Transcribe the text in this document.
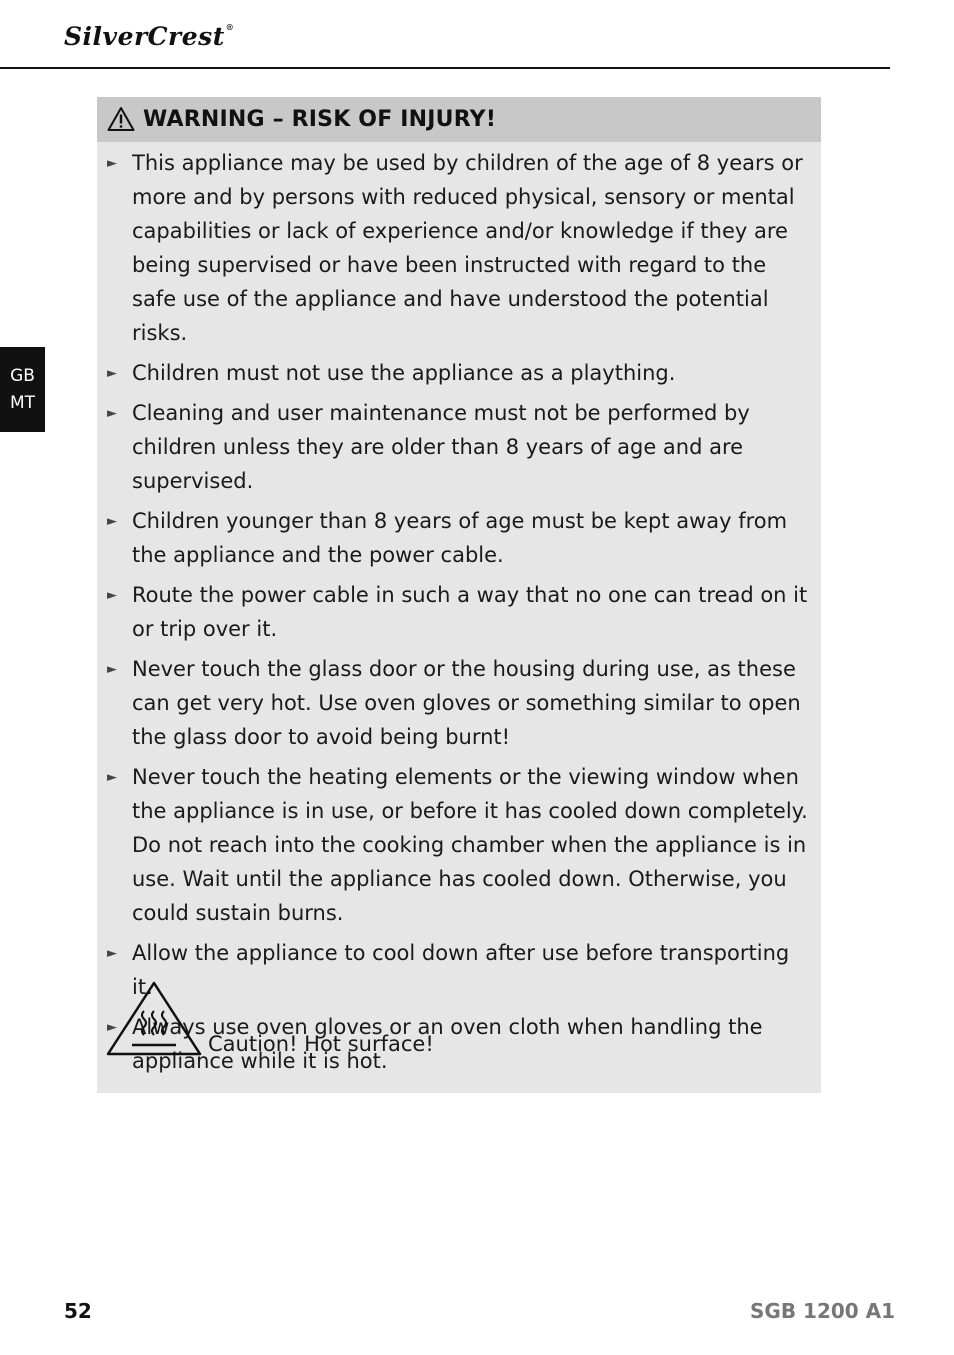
SilverCrest®
GB
MT
WARNING – RISK OF INJURY!
► This appliance may be used by children of the age of 8 years or more and by persons with reduced physical, sensory or mental capabilities or lack of experience and/or knowledge if they are being supervised or have been instructed with regard to the safe use of the appliance and have understood the potential risks.
► Children must not use the appliance as a plaything.
► Cleaning and user maintenance must not be performed by children unless they are older than 8 years of age and are supervised.
► Children younger than 8 years of age must be kept away from the appliance and the power cable.
► Route the power cable in such a way that no one can tread on it or trip over it.
► Never touch the glass door or the housing during use, as these can get very hot. Use oven gloves or something similar to open the glass door to avoid being burnt!
► Never touch the heating elements or the viewing window when the appliance is in use, or before it has cooled down completely. Do not reach into the cooking chamber when the appliance is in use. Wait until the appliance has cooled down. Otherwise, you could sustain burns.
► Allow the appliance to cool down after use before transporting it.
► Always use oven gloves or an oven cloth when handling the appliance while it is hot.
Caution! Hot surface!
52	SGB 1200 A1
